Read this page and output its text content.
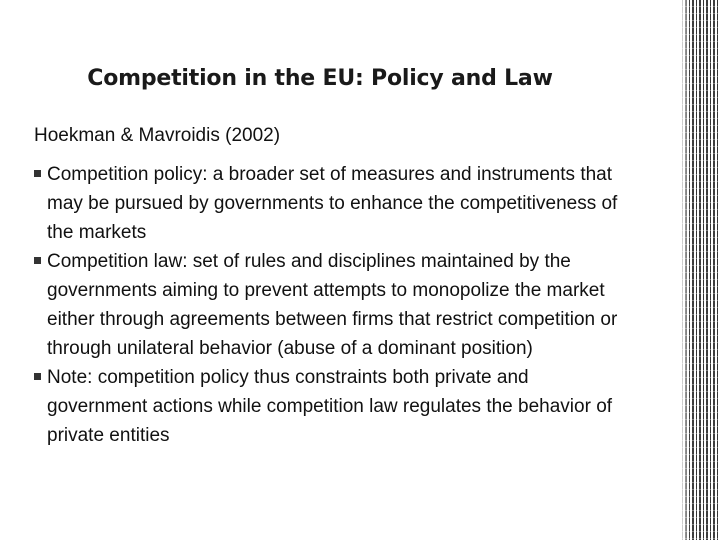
Competition in the EU: Policy and Law
Hoekman & Mavroidis (2002)
Competition policy: a broader set of measures and instruments that may be pursued by governments to enhance the competitiveness of the markets
Competition law: set of rules and disciplines maintained by the governments aiming to prevent attempts to monopolize the market either through agreements between firms that restrict competition or through unilateral behavior (abuse of a dominant position)
Note: competition policy thus constraints both private and government actions while competition law regulates the behavior of private entities
